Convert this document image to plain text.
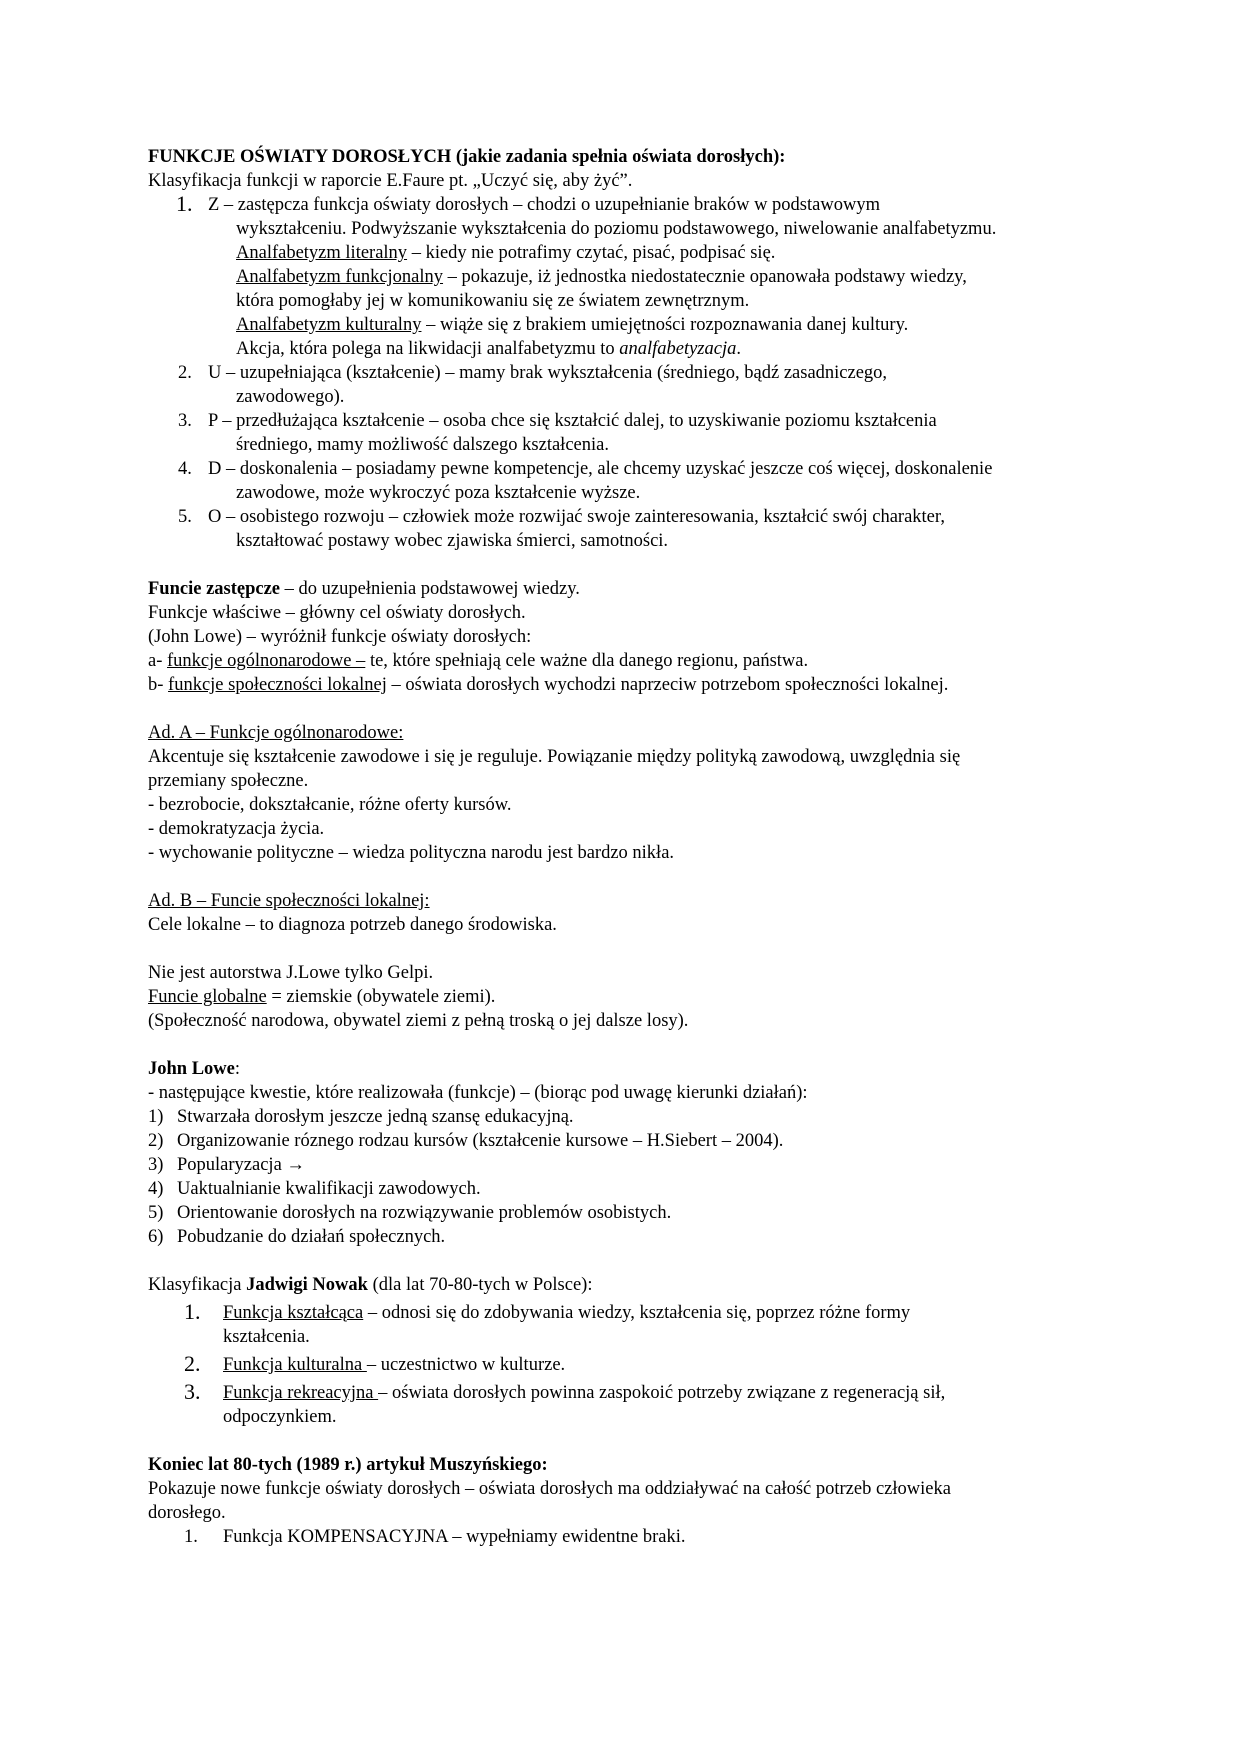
FUNKCJE OŚWIATY DOROSŁYCH (jakie zadania spełnia oświata dorosłych):
Klasyfikacja funkcji w raporcie E.Faure pt. „Uczyć się, aby żyć”.
1. Z – zastępcza funkcja oświaty dorosłych – chodzi o uzupełnianie braków w podstawowym
wykształceniu. Podwyższanie wykształcenia do poziomu podstawowego, niwelowanie analfabetyzmu.
Analfabetyzm literalny – kiedy nie potrafimy czytać, pisać, podpisać się.
Analfabetyzm funkcjonalny – pokazuje, iż jednostka niedostatecznie opanowała podstawy wiedzy,
która pomogłaby jej w komunikowaniu się ze światem zewnętrznym.
Analfabetyzm kulturalny – wiąże się z brakiem umiejętności rozpoznawania danej kultury.
Akcja, która polega na likwidacji analfabetyzmu to analfabetyzacja.
2. U – uzupełniająca (kształcenie) – mamy brak wykształcenia (średniego, bądź zasadniczego,
zawodowego).
3. P – przedłużająca kształcenie – osoba chce się kształcić dalej, to uzyskiwanie poziomu kształcenia
średniego, mamy możliwość dalszego kształcenia.
4. D – doskonalenia – posiadamy pewne kompetencje, ale chcemy uzyskać jeszcze coś więcej, doskonalenie
zawodowe, może wykroczyć poza kształcenie wyższe.
5. O – osobistego rozwoju – człowiek może rozwijać swoje zainteresowania, kształcić swój charakter,
kształtować postawy wobec zjawiska śmierci, samotności.
Funcie zastępcze – do uzupełnienia podstawowej wiedzy.
Funkcje właściwe – główny cel oświaty dorosłych.
(John Lowe) – wyróżnił funkcje oświaty dorosłych:
a- funkcje ogólnonarodowe – te, które spełniają cele ważne dla danego regionu, państwa.
b- funkcje społeczności lokalnej – oświata dorosłych wychodzi naprzeciw potrzebom społeczności lokalnej.
Ad. A – Funkcje ogólnonarodowe:
Akcentuje się kształcenie zawodowe i się je reguluje. Powiązanie między polityką zawodową, uwzględnia się
przemiany społeczne.
- bezrobocie, dokształcanie, różne oferty kursów.
- demokratyzacja życia.
- wychowanie polityczne – wiedza polityczna narodu jest bardzo nikła.
Ad. B – Funcie społeczności lokalnej:
Cele lokalne – to diagnoza potrzeb danego środowiska.
Nie jest autorstwa J.Lowe tylko Gelpi.
Funcie globalne = ziemskie (obywatele ziemi).
(Społeczność narodowa, obywatel ziemi z pełną troską o jej dalsze losy).
John Lowe:
- następujące kwestie, które realizowała (funkcje) – (biorąc pod uwagę kierunki działań):
1) Stwarzała dorosłym jeszcze jedną szansę edukacyjną.
2) Organizowanie róznego rodzau kursów (kształcenie kursowe – H.Siebert – 2004).
3) Popularyzacja →
4) Uaktualnianie kwalifikacji zawodowych.
5) Orientowanie dorosłych na rozwiązywanie problemów osobistych.
6) Pobudzanie do działań społecznych.
Klasyfikacja Jadwigi Nowak (dla lat 70-80-tych w Polsce):
1.	Funkcja kształcąca – odnosi się do zdobywania wiedzy, kształcenia się, poprzez różne formy
kształcenia.
2.	Funkcja kulturalna – uczestnictwo w kulturze.
3.	Funkcja rekreacyjna – oświata dorosłych powinna zaspokoić potrzeby związane z regeneracją sił,
odpoczynkiem.
Koniec lat 80-tych (1989 r.) artykuł Muszyńskiego:
Pokazuje nowe funkcje oświaty dorosłych – oświata dorosłych ma oddziaływać na całość potrzeb człowieka
dorosłego.
1.	Funkcja KOMPENSACYJNA – wypełniamy ewidentne braki.
